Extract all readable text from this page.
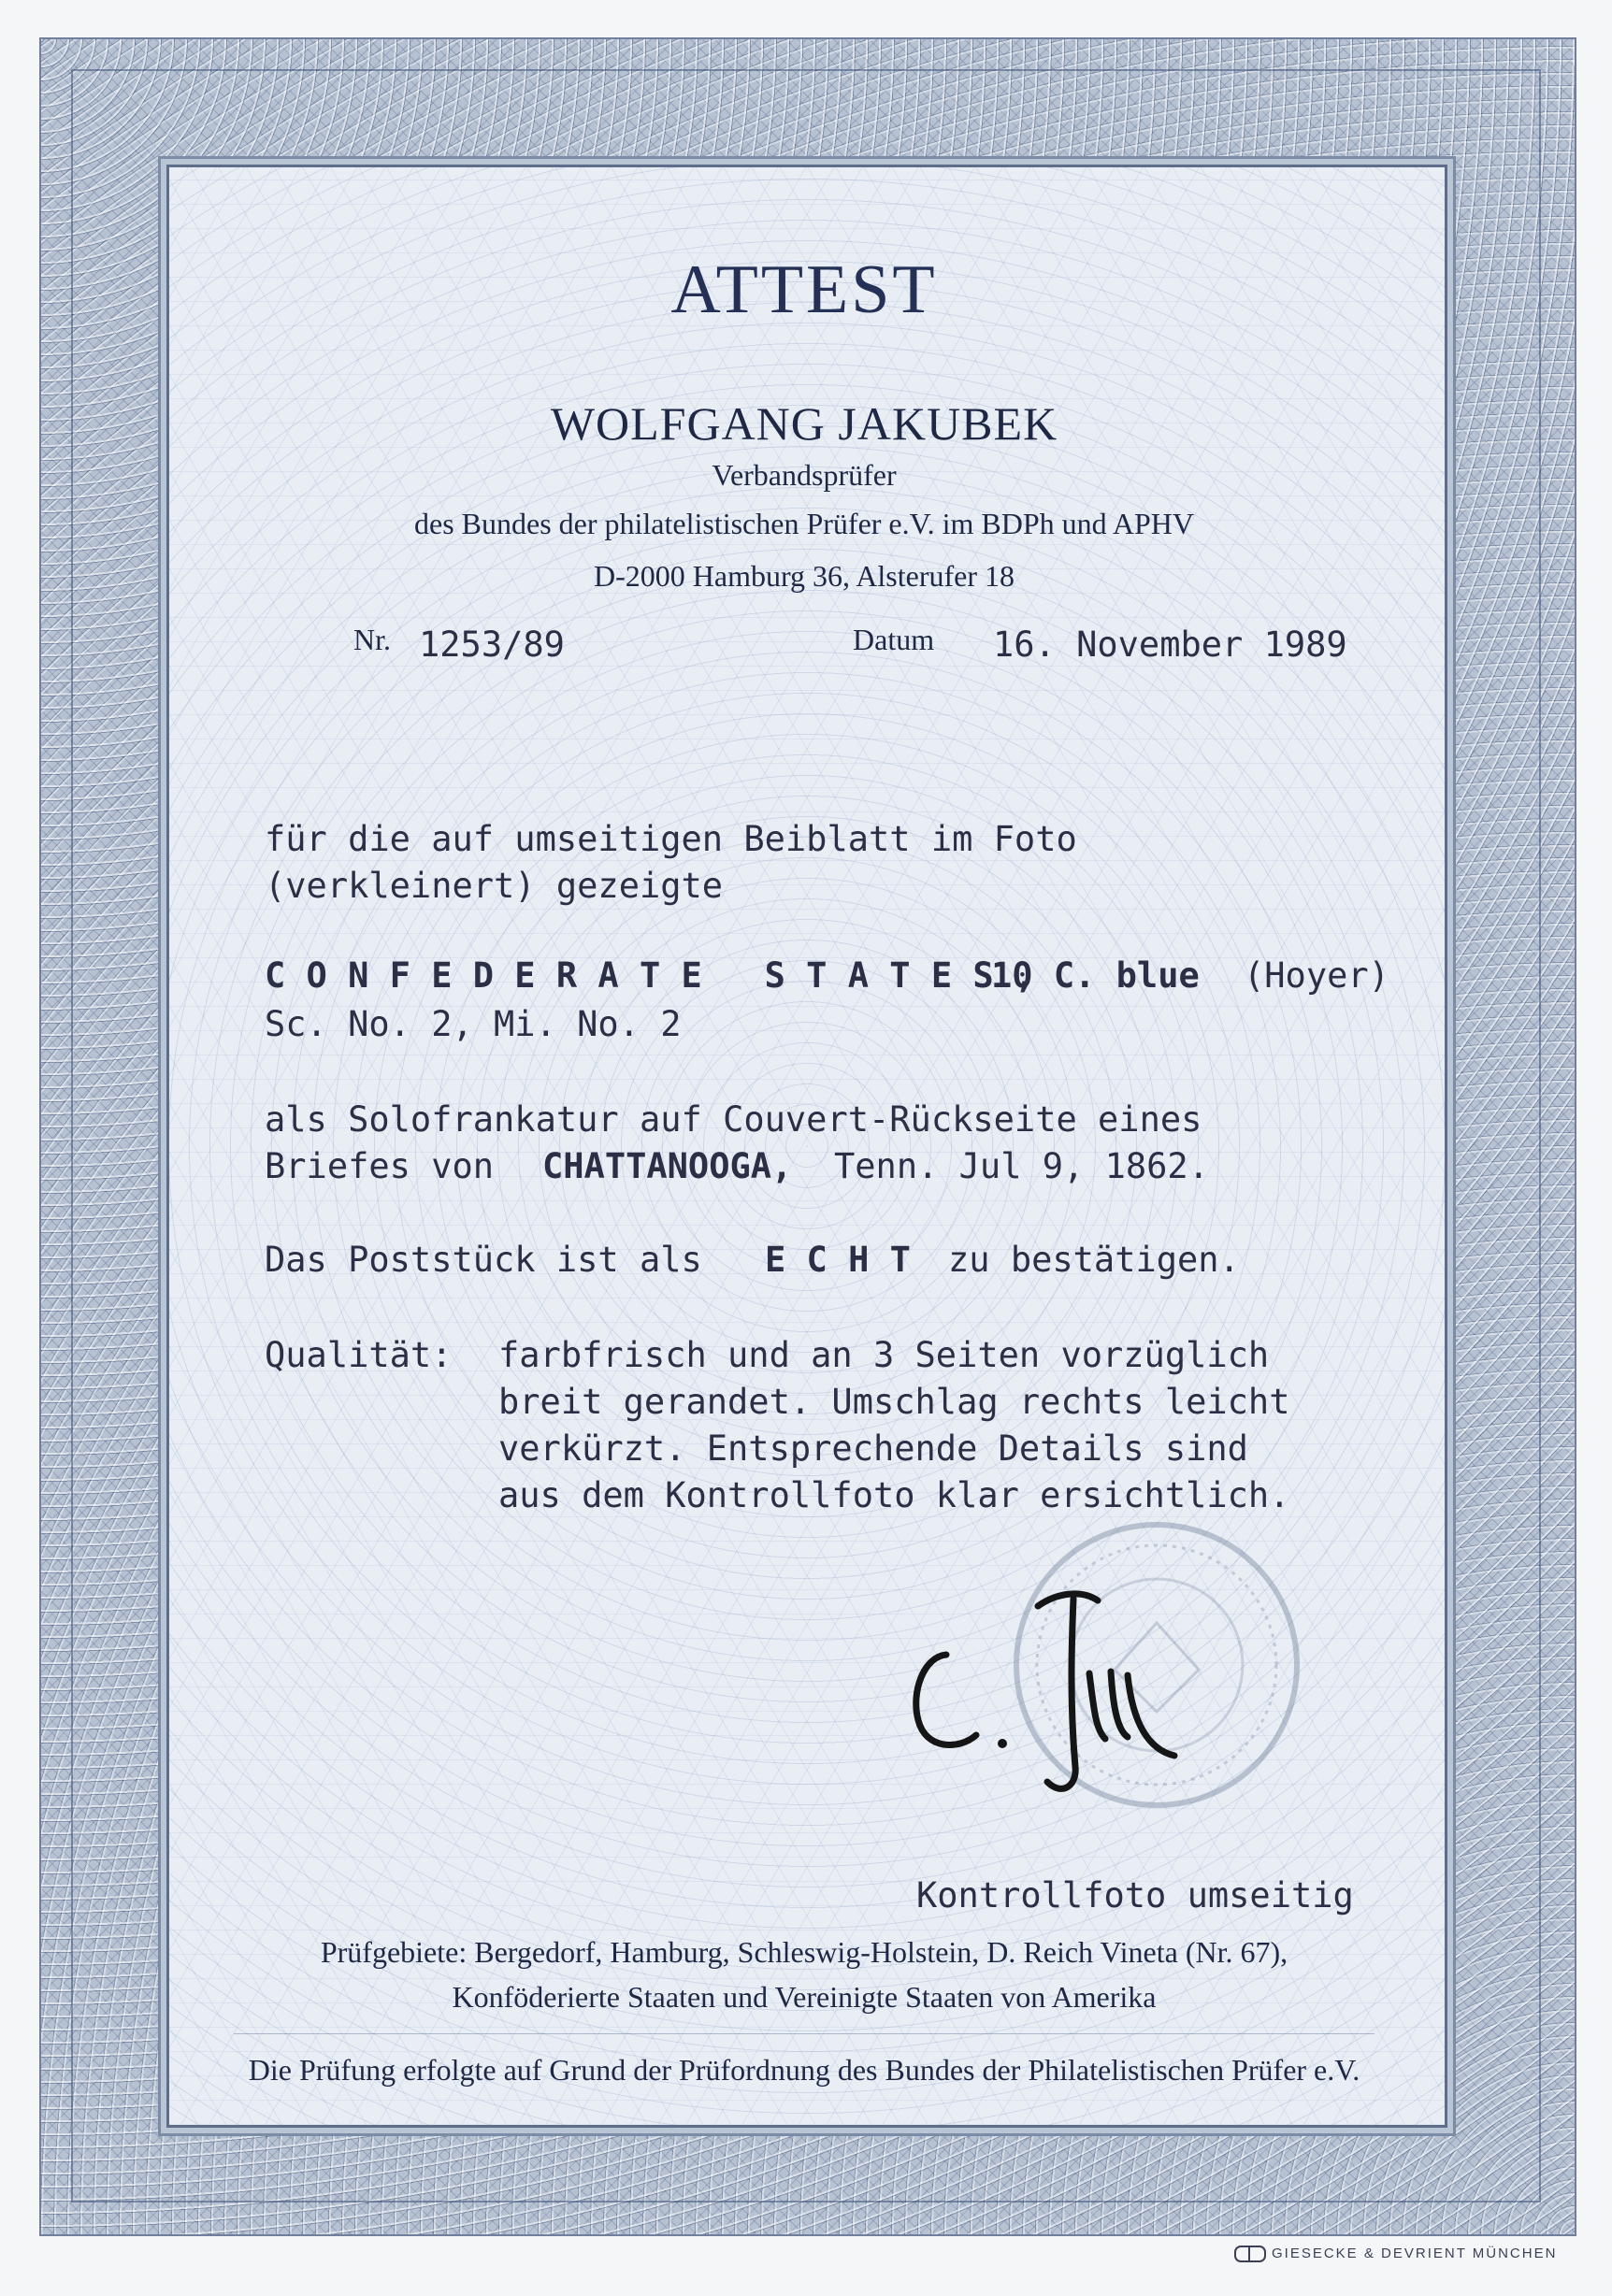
ATTEST
WOLFGANG JAKUBEK
Verbandsprüfer
des Bundes der philatelistischen Prüfer e.V. im BDPh und APHV
D-2000 Hamburg 36, Alsterufer 18
Nr. 1253/89	Datum 16. November 1989
für die auf umseitigen Beiblatt im Foto
(verkleinert) gezeigte
C O N F E D E R A T E   S T A T E S ,
10 C. blue (Hoyer)
Sc. No. 2, Mi. No. 2
als Solofrankatur auf Couvert-Rückseite eines
Briefes von CHATTANOOGA, Tenn. Jul 9, 1862.
Das Poststück ist als E C H T zu bestätigen.
Qualität: farbfrisch und an 3 Seiten vorzüglich
breit gerandet. Umschlag rechts leicht
verkürzt. Entsprechende Details sind
aus dem Kontrollfoto klar ersichtlich.
Kontrollfoto umseitig
Prüfgebiete: Bergedorf, Hamburg, Schleswig-Holstein, D. Reich Vineta (Nr. 67),
Konföderierte Staaten und Vereinigte Staaten von Amerika
Die Prüfung erfolgte auf Grund der Prüfordnung des Bundes der Philatelistischen Prüfer e.V.
GIESECKE & DEVRIENT MÜNCHEN
